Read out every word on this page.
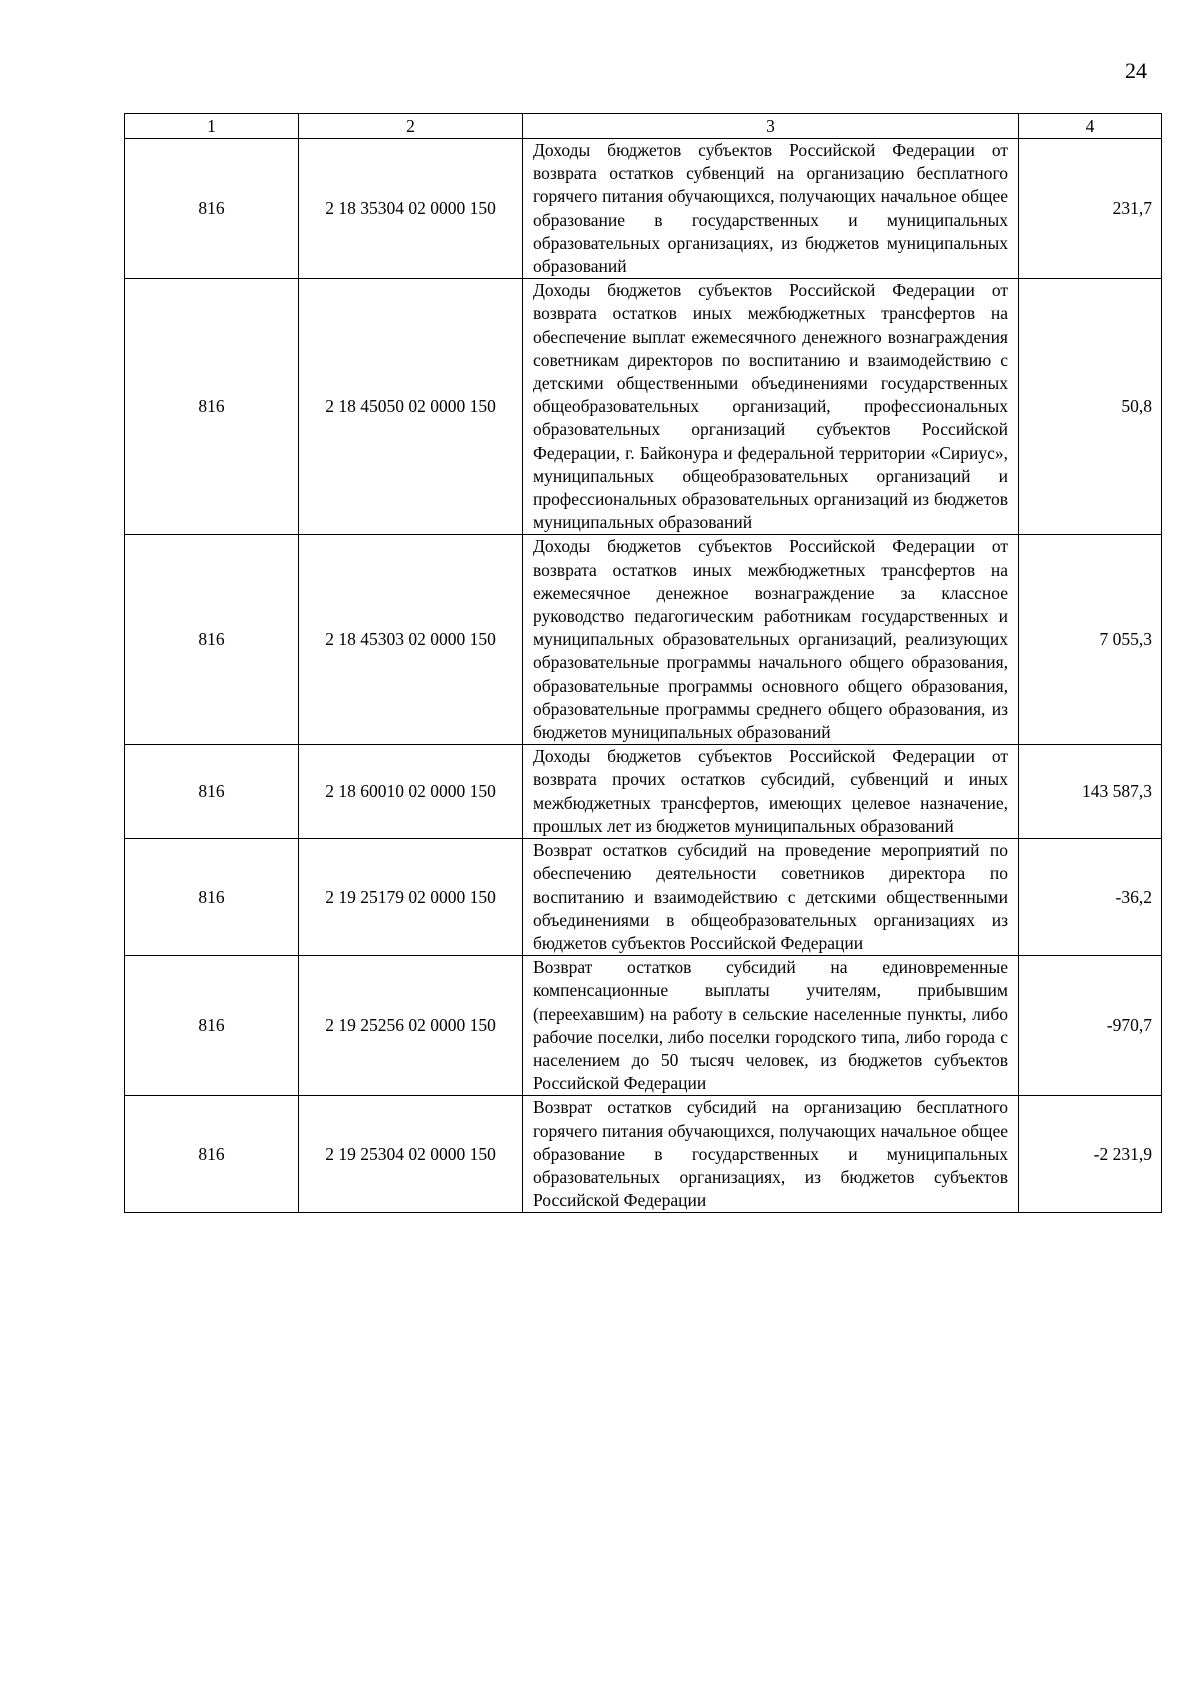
24
1	2	3	4
816	2 18 35304 02 0000 150	Доходы бюджетов субъектов Российской Федерации от возврата остатков субвенций на организацию бесплатного горячего питания обучающихся, получающих начальное общее образование в государственных и муниципальных образовательных организациях, из бюджетов муниципальных образований	231,7
816	2 18 45050 02 0000 150	Доходы бюджетов субъектов Российской Федерации от возврата остатков иных межбюджетных трансфертов на обеспечение выплат ежемесячного денежного вознаграждения советникам директоров по воспитанию и взаимодействию с детскими общественными объединениями государственных общеобразовательных организаций, профессиональных образовательных организаций субъектов Российской Федерации, г. Байконура и федеральной территории «Сириус», муниципальных общеобразовательных организаций и профессиональных образовательных организаций из бюджетов муниципальных образований	50,8
816	2 18 45303 02 0000 150	Доходы бюджетов субъектов Российской Федерации от возврата остатков иных межбюджетных трансфертов на ежемесячное денежное вознаграждение за классное руководство педагогическим работникам государственных и муниципальных образовательных организаций, реализующих образовательные программы начального общего образования, образовательные программы основного общего образования, образовательные программы среднего общего образования, из бюджетов муниципальных образований	7 055,3
816	2 18 60010 02 0000 150	Доходы бюджетов субъектов Российской Федерации от возврата прочих остатков субсидий, субвенций и иных межбюджетных трансфертов, имеющих целевое назначение, прошлых лет из бюджетов муниципальных образований	143 587,3
816	2 19 25179 02 0000 150	Возврат остатков субсидий на проведение мероприятий по обеспечению деятельности советников директора по воспитанию и взаимодействию с детскими общественными объединениями в общеобразовательных организациях из бюджетов субъектов Российской Федерации	-36,2
816	2 19 25256 02 0000 150	Возврат остатков субсидий на единовременные компенсационные выплаты учителям, прибывшим (переехавшим) на работу в сельские населенные пункты, либо рабочие поселки, либо поселки городского типа, либо города с населением до 50 тысяч человек, из бюджетов субъектов Российской Федерации	-970,7
816	2 19 25304 02 0000 150	Возврат остатков субсидий на организацию бесплатного горячего питания обучающихся, получающих начальное общее образование в государственных и муниципальных образовательных организациях, из бюджетов субъектов Российской Федерации	-2 231,9
